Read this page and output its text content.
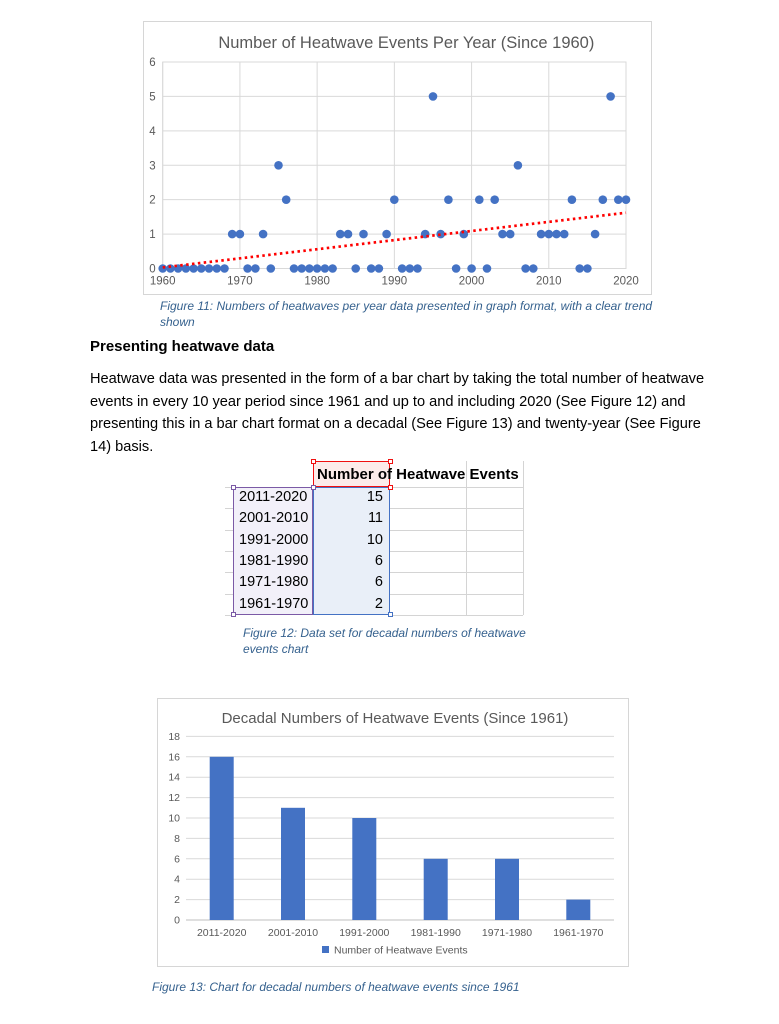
0
1
2
3
4
5
6
1960	1970	1980	1990	2000	2010	2020
Number of Heatwave Events Per Year (Since 1960)
Figure 11: Numbers of heatwaves per year data presented in graph format, with a clear trend shown
Presenting heatwave data

Heatwave data was presented in the form of a bar chart by taking the total number of heatwave events in every 10 year period since 1961 and up to and including 2020 (See Figure 12) and presenting this in a bar chart format on a decadal (See Figure 13) and twenty-year (See Figure 14) basis.

Number of Heatwave Events
2011-2020	15
2001-2010	11
1991-2000	10
1981-1990	6
1971-1980	6
1961-1970	2
Figure 12: Data set for decadal numbers of heatwave events chart
0
2
4
6
8
10
12
14
16
18
Decadal Numbers of Heatwave Events (Since 1961)
2011-2020 2001-2010 1991-2000 1981-1990 1971-1980 1961-1970
Number of Heatwave Events
Figure 13: Chart for decadal numbers of heatwave events since 1961
